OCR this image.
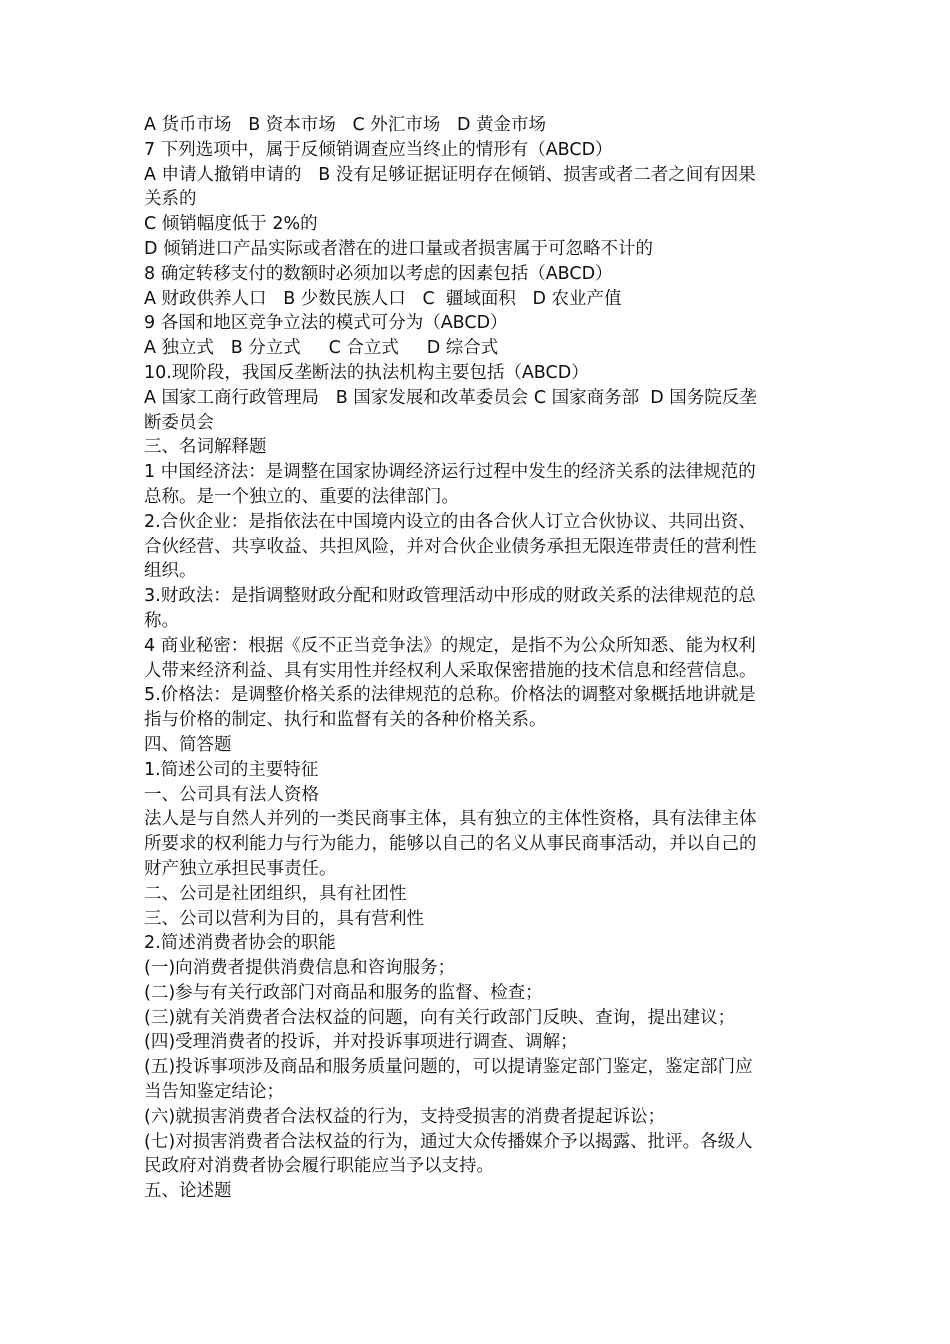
A 货币市场   B 资本市场   C 外汇市场   D 黄金市场
7 下列选项中，属于反倾销调查应当终止的情形有（ABCD）
A 申请人撤销申请的   B 没有足够证据证明存在倾销、损害或者二者之间有因果
关系的
C 倾销幅度低于 2%的
D 倾销进口产品实际或者潜在的进口量或者损害属于可忽略不计的
8 确定转移支付的数额时必须加以考虑的因素包括（ABCD）
A 财政供养人口   B 少数民族人口   C  疆域面积   D 农业产值
9 各国和地区竞争立法的模式可分为（ABCD）
A 独立式   B 分立式     C 合立式     D 综合式
10.现阶段，我国反垄断法的执法机构主要包括（ABCD）
A 国家工商行政管理局   B 国家发展和改革委员会 C 国家商务部  D 国务院反垄
断委员会
三、名词解释题
1 中国经济法：是调整在国家协调经济运行过程中发生的经济关系的法律规范的
总称。是一个独立的、重要的法律部门。
2.合伙企业：是指依法在中国境内设立的由各合伙人订立合伙协议、共同出资、
合伙经营、共享收益、共担风险，并对合伙企业债务承担无限连带责任的营利性
组织。
3.财政法：是指调整财政分配和财政管理活动中形成的财政关系的法律规范的总
称。
4 商业秘密：根据《反不正当竞争法》的规定，是指不为公众所知悉、能为权利
人带来经济利益、具有实用性并经权利人采取保密措施的技术信息和经营信息。
5.价格法：是调整价格关系的法律规范的总称。价格法的调整对象概括地讲就是
指与价格的制定、执行和监督有关的各种价格关系。
四、简答题
1.简述公司的主要特征
一、公司具有法人资格
法人是与自然人并列的一类民商事主体，具有独立的主体性资格，具有法律主体
所要求的权利能力与行为能力，能够以自己的名义从事民商事活动，并以自己的
财产独立承担民事责任。
二、公司是社团组织，具有社团性
三、公司以营利为目的，具有营利性
2.简述消费者协会的职能
(一)向消费者提供消费信息和咨询服务；
(二)参与有关行政部门对商品和服务的监督、检查；
(三)就有关消费者合法权益的问题，向有关行政部门反映、查询，提出建议；
(四)受理消费者的投诉，并对投诉事项进行调查、调解；
(五)投诉事项涉及商品和服务质量问题的，可以提请鉴定部门鉴定，鉴定部门应
当告知鉴定结论；
(六)就损害消费者合法权益的行为，支持受损害的消费者提起诉讼；
(七)对损害消费者合法权益的行为，通过大众传播媒介予以揭露、批评。各级人
民政府对消费者协会履行职能应当予以支持。
五、论述题
